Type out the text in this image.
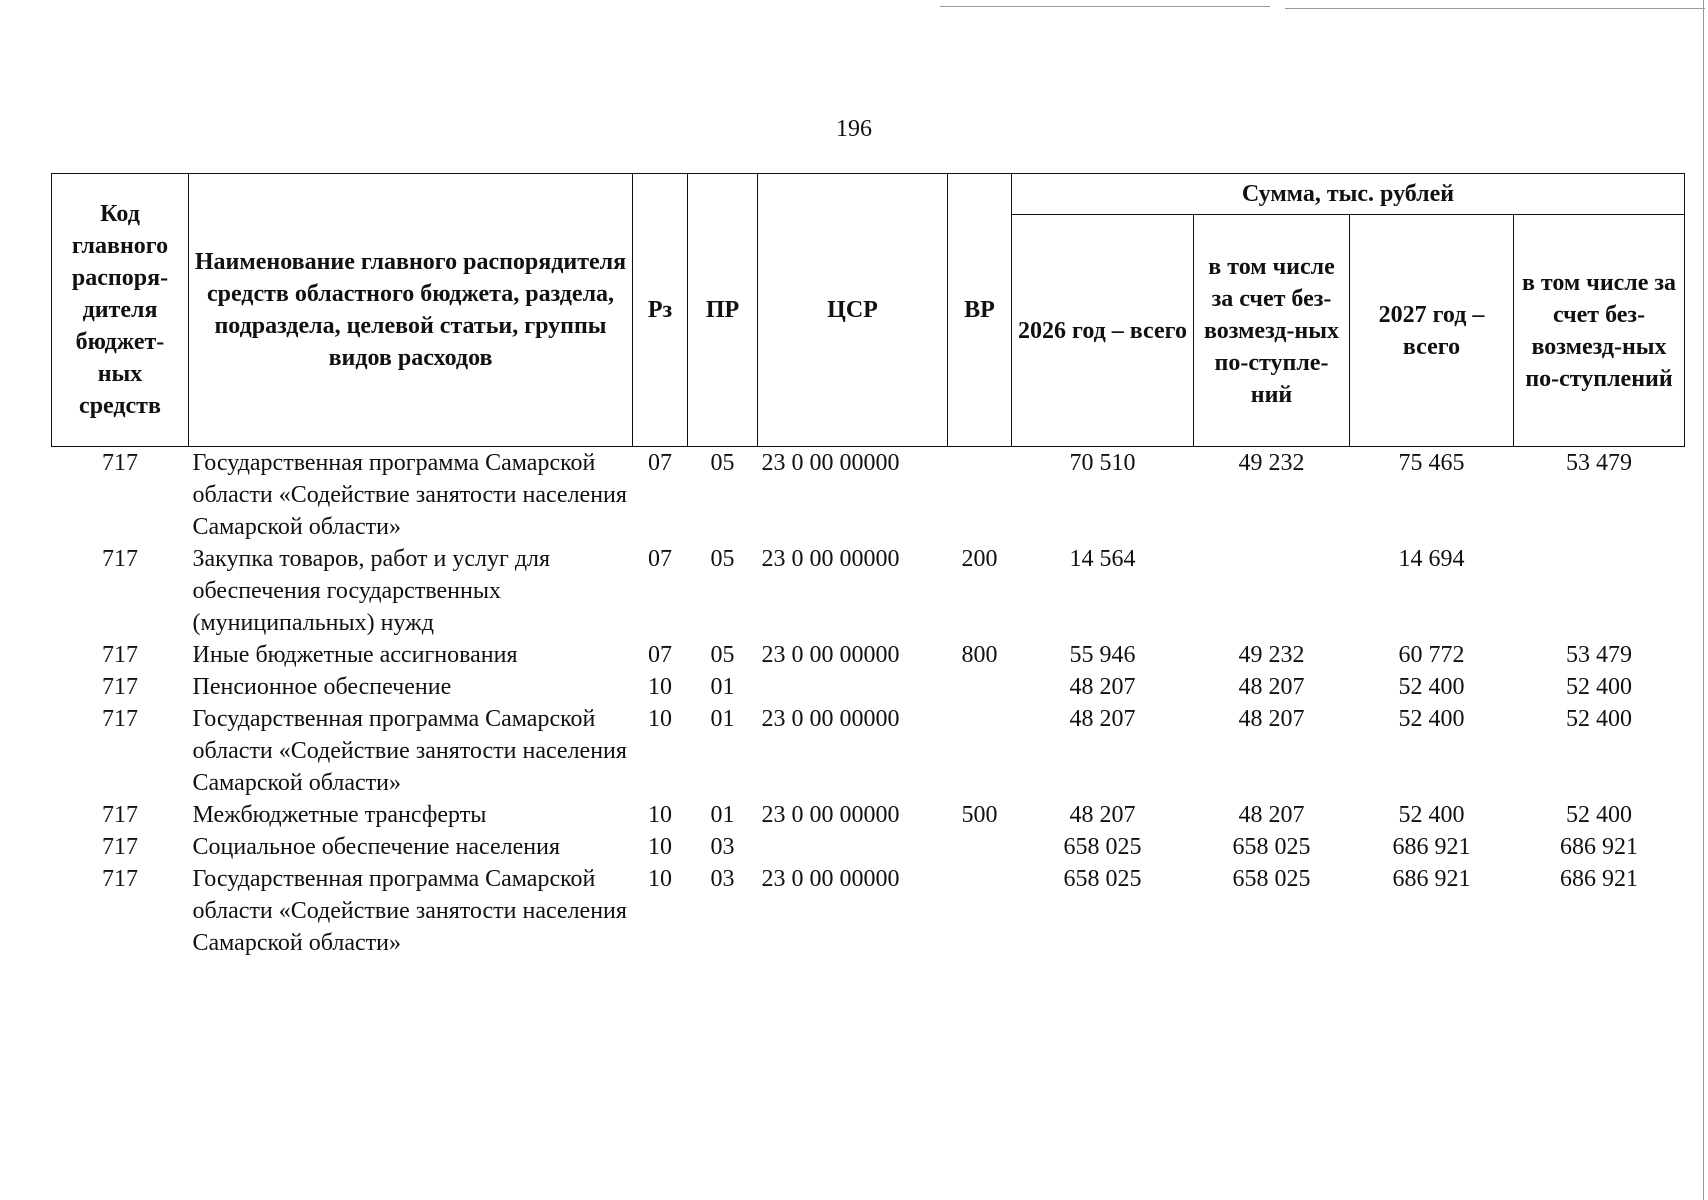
196
Код главного распоря-дителя бюджет-ных средств	Наименование главного распорядителя средств областного бюджета, раздела, подраздела, целевой статьи, группы видов расходов	Рз	ПР	ЦСР	ВР	Сумма, тыс. рублей			
						2026 год – всего	в том числе за счет без-возмезд-ных по-ступле-ний	2027 год – всего	в том числе за счет без-возмезд-ных по-ступлений
717	Государственная программа Самарской области «Содействие занятости населения Самарской области»	07	05	23 0 00 00000		70 510	49 232	75 465	53 479
717	Закупка товаров, работ и услуг для обеспечения государственных (муниципальных) нужд	07	05	23 0 00 00000	200	14 564		14 694	
717	Иные бюджетные ассигнования	07	05	23 0 00 00000	800	55 946	49 232	60 772	53 479
717	Пенсионное обеспечение	10	01			48 207	48 207	52 400	52 400
717	Государственная программа Самарской области «Содействие занятости населения Самарской области»	10	01	23 0 00 00000		48 207	48 207	52 400	52 400
717	Межбюджетные трансферты	10	01	23 0 00 00000	500	48 207	48 207	52 400	52 400
717	Социальное обеспечение населения	10	03			658 025	658 025	686 921	686 921
717	Государственная программа Самарской области «Содействие занятости населения Самарской области»	10	03	23 0 00 00000		658 025	658 025	686 921	686 921
